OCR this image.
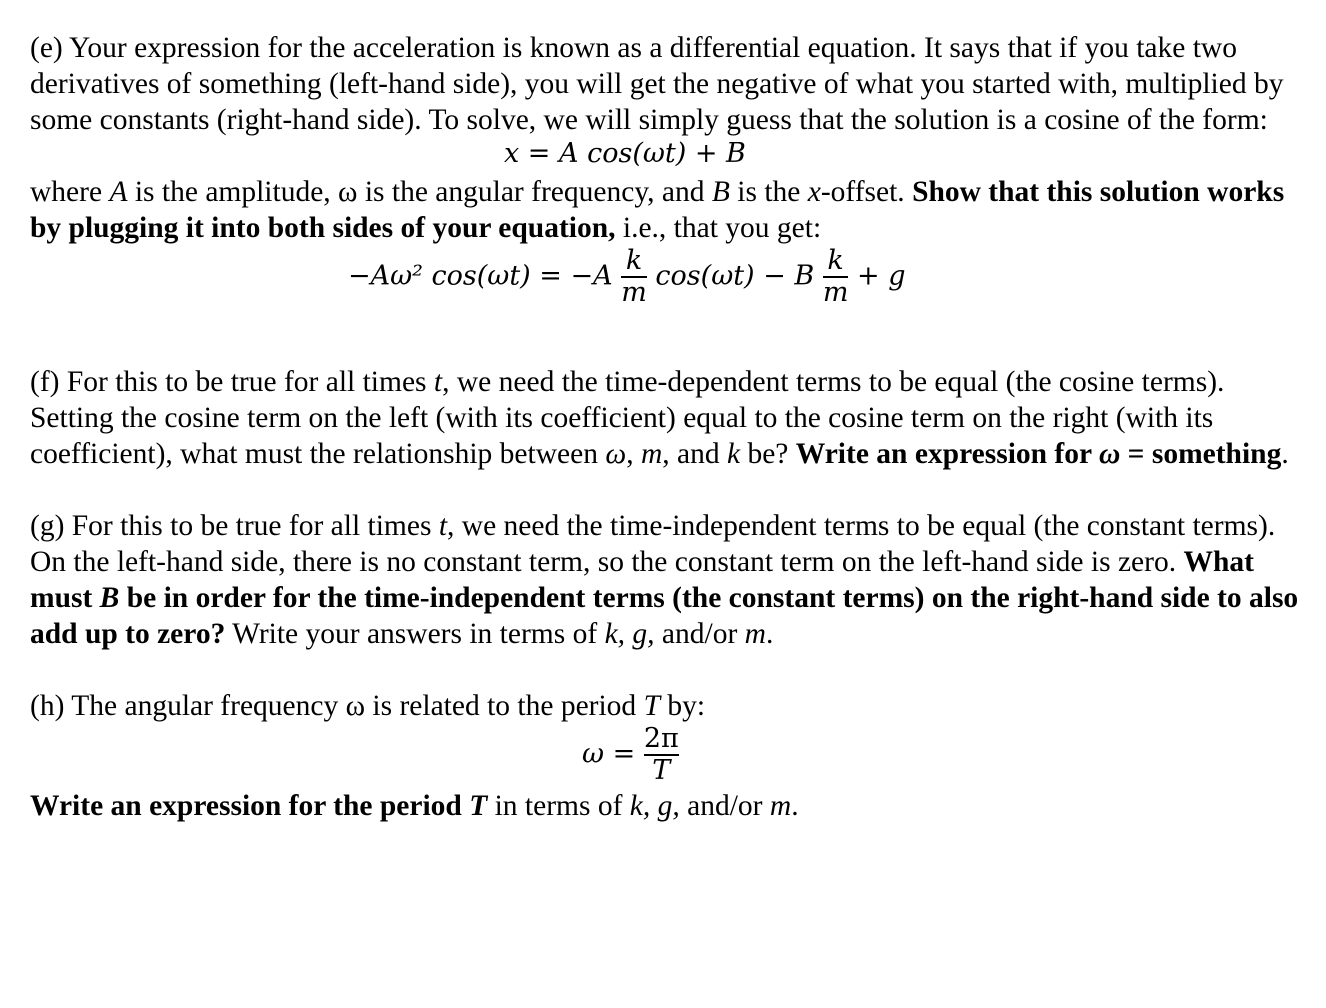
(e) Your expression for the acceleration is known as a differential equation. It says that if you take two derivatives of something (left-hand side), you will get the negative of what you started with, multiplied by some constants (right-hand side). To solve, we will simply guess that the solution is a cosine of the form:

x = A cos(ωt) + B

where A is the amplitude, ω is the angular frequency, and B is the x-offset. Show that this solution works by plugging it into both sides of your equation, i.e., that you get:

−Aω² $\cos(\omega t) = -A \frac{k}{m} \cos(\omega t) - B \frac{k}{m} + g$

(f) For this to be true for all times t, we need the time-dependent terms to be equal (the cosine terms). Setting the cosine term on the left (with its coefficient) equal to the cosine term on the right (with its coefficient), what must the relationship between ω, m, and k be? Write an expression for ω = something.

(g) For this to be true for all times t, we need the time-independent terms to be equal (the constant terms). On the left-hand side, there is no constant term, so the constant term on the left-hand side is zero. What must B be in order for the time-independent terms (the constant terms) on the right-hand side to also add up to zero? Write your answers in terms of k, g, and/or m.

(h) The angular frequency ω is related to the period T by:

$\omega = \frac{2\pi}{T}$

Write an expression for the period T in terms of k, g, and/or m.
